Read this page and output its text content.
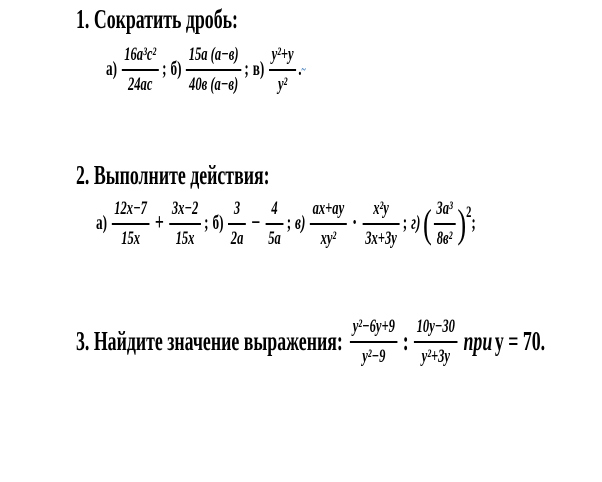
1. Сократить дробь:
$а) \frac{\text{16a³c²}}{24ac}$ ; $б) \frac{15a (a-в)}{40в (a-в)}$ ; $в) \frac{\text{y²+y}}{\text{y²}}$ . ~
2. Выполните действия:
$а) \frac{12x-7}{15x} + \frac{3x-2}{15x}$ ; $б) \frac{3}{2a} - \frac{4}{5a}$ ; $в) \frac{ax+ay}{\text{xy²}} \cdot \frac{\text{x²y}}{3x+3y}$ ; г) ( $\frac{\text{3a³}}{\text{8в²}} )^2$ ;
3. Найдите значение выражения: $\frac{\text{y²−6y+9}}{\text{y²−9}}$ : $\frac{10y-30}{\text{y²+3y}}$ при y = 70.
